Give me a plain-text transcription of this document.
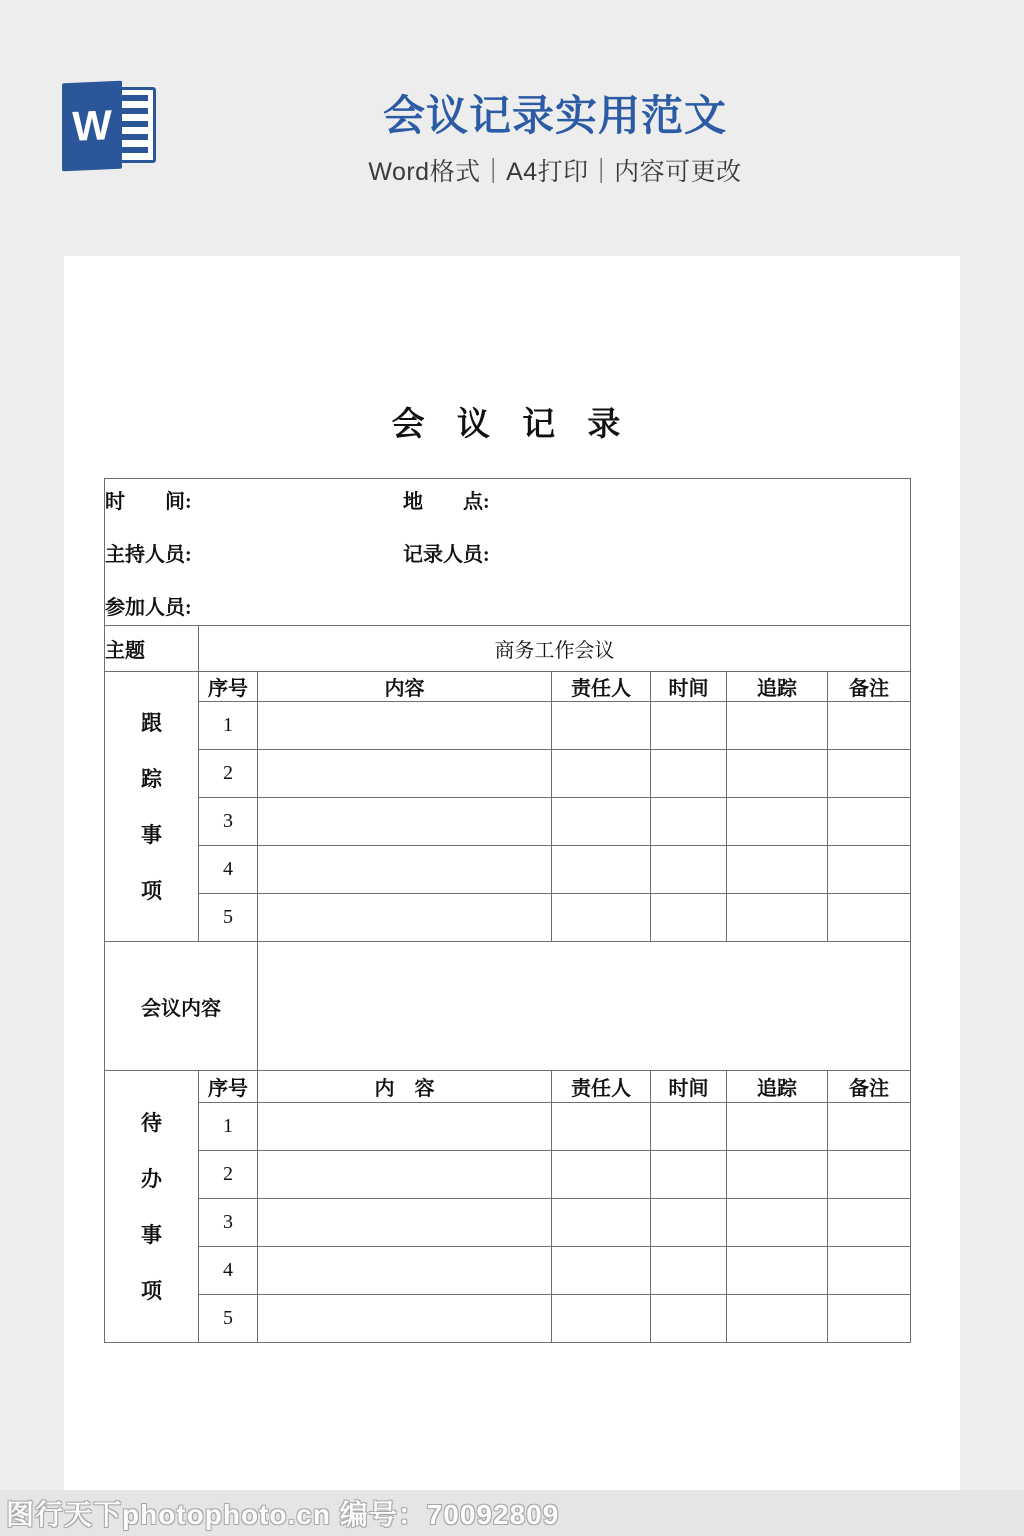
W	会议记录实用范文
Word格式｜A4打印｜内容可更改
会 议 记 录
时　　间: 地　　点:
主持人员: 记录人员:
参加人员:						

主题	商务工作会议					
跟踪事项	序号	内容	责任人	时间	追踪	备注
	1					
	2					
	3					
	4					
	5					
会议内容						
待办事项	序号	内　容	责任人	时间	追踪	备注
	1					
	2					
	3					
	4					
	5					
图行天下photophoto.cn 编号：70092809
